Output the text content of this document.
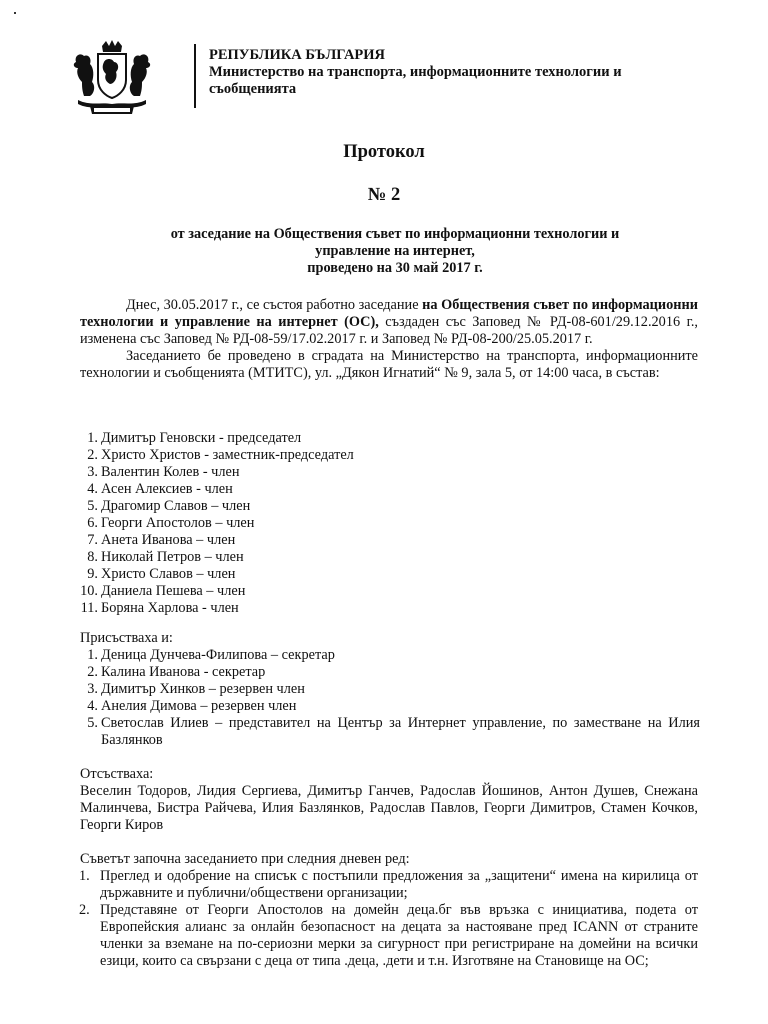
РЕПУБЛИКА БЪЛГАРИЯ
Министерство на транспорта, информационните технологии и
съобщенията
Протокол
№ 2
от заседание на Обществения съвет по информационни технологии и
управление на интернет,
проведено на 30 май 2017 г.

Днес, 30.05.2017 г., се състоя работно заседание на Обществения съвет по информационни технологии и управление на интернет (ОС), създаден със Заповед № РД-08-601/29.12.2016 г., изменена със Заповед № РД-08-59/17.02.2017 г. и Заповед № РД-08-200/25.05.2017 г.

Заседанието бе проведено в сградата на Министерство на транспорта, информационните технологии и съобщенията (МТИТС), ул. „Дякон Игнатий“ № 9, зала 5, от 14:00 часа, в състав:

1. Димитър Геновски - председател
2. Христо Христов - заместник-председател
3. Валентин Колев - член
4. Асен Алексиев - член
5. Драгомир Славов – член
6. Георги Апостолов – член
7. Анета Иванова – член
8. Николай Петров – член
9. Христо Славов – член
10. Даниела Пешева – член
11. Боряна Харлова - член
Присъстваха и:
1. Деница Дунчева-Филипова – секретар
2. Калина Иванова - секретар
3. Димитър Хинков – резервен член
4. Анелия Димова – резервен член
5. Светослав Илиев – представител на Център за Интернет управление, по заместване на Илия Базлянков
Отсъстваха:

Веселин Тодоров, Лидия Сергиева, Димитър Ганчев, Радослав Йошинов, Антон Душев, Снежана Малинчева, Бистра Райчева, Илия Базлянков, Радослав Павлов, Георги Димитров, Стамен Кочков, Георги Киров

Съветът започна заседанието при следния дневен ред:
1. Преглед и одобрение на списък с постъпили предложения за „защитени“ имена на кирилица от държавните и публични/обществени организации;
2. Представяне от Георги Апостолов на домейн деца.бг във връзка с инициатива, подета от Европейския алианс за онлайн безопасност на децата за настояване пред ICANN от страните членки за вземане на по-сериозни мерки за сигурност при регистриране на домейни на всички езици, които са свързани с деца от типа .деца, .дети и т.н. Изготвяне на Становище на ОС;
